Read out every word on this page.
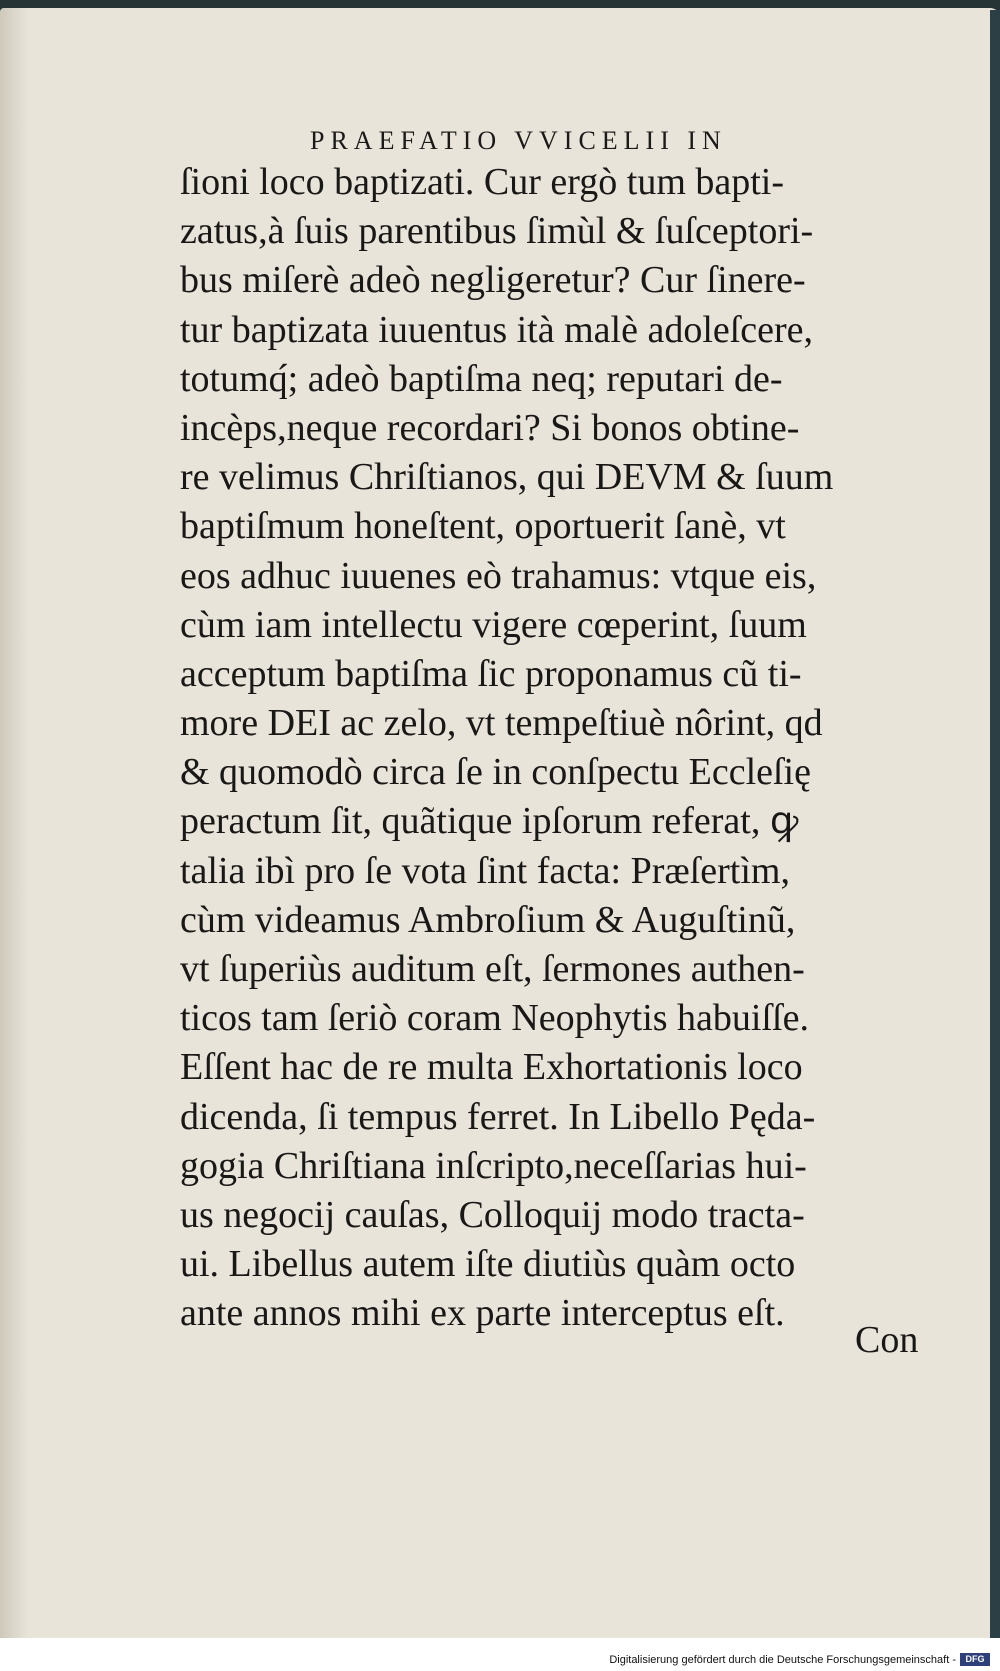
PRAEFATIO VVICELII IN
ſioni loco baptizati. Cur ergò tum bapti-
zatus,à ſuis parentibus ſimùl & ſuſceptori-
bus miſerè adeò negligeretur? Cur ſinere-
tur baptizata iuuentus ità malè adoleſcere,
totumq́; adeò baptiſma neq; reputari de-
incèps,neque recordari? Si bonos obtine-
re velimus Chriſtianos, qui DEVM & ſuum
baptiſmum honeſtent, oportuerit ſanè, vt
eos adhuc iuuenes eò trahamus: vtque eis,
cùm iam intellectu vigere cœperint, ſuum
acceptum baptiſma ſic proponamus cũ ti-
more DEI ac zelo, vt tempeſtiuè nôrint, qd
& quomodò circa ſe in conſpectu Eccleſię
peractum ſit, quãtique ipſorum referat, ꝙ
talia ibì pro ſe vota ſint facta: Præſertìm,
cùm videamus Ambroſium & Auguſtinũ,
vt ſuperiùs auditum eſt, ſermones authen-
ticos tam ſeriò coram Neophytis habuiſſe.
Eſſent hac de re multa Exhortationis loco
dicenda, ſi tempus ferret. In Libello Pędа-
gogia Chriſtiana inſcripto,neceſſarias hui-
us negocij cauſas, Colloquij modo tracta-
ui. Libellus autem iſte diutiùs quàm octo
ante annos mihi ex parte interceptus eſt.
Con
Digitalisierung gefördert durch die Deutsche Forschungsgemeinschaft -	DFG
